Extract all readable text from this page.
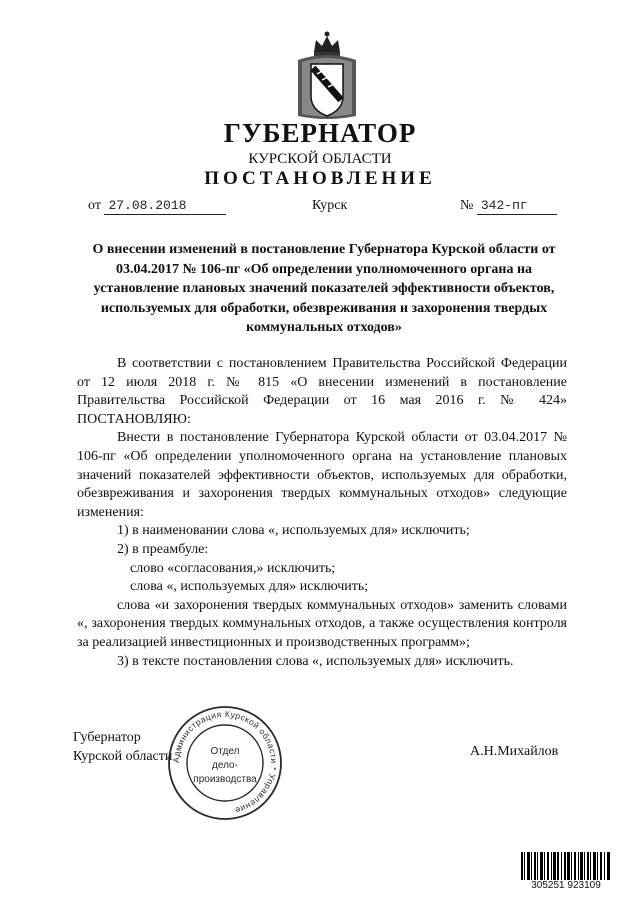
ГУБЕРНАТОР
КУРСКОЙ ОБЛАСТИ
ПОСТАНОВЛЕНИЕ
от 27.08.2018	Курск	№ 342-пг
О внесении изменений в постановление Губернатора Курской области от 03.04.2017 № 106-пг «Об определении уполномоченного органа на установление плановых значений показателей эффективности объектов, используемых для обработки, обезвреживания и захоронения твердых коммунальных отходов»

В соответствии с постановлением Правительства Российской Федерации от 12 июля 2018 г. № 815 «О внесении изменений в постановление Правительства Российской Федерации от 16 мая 2016 г. № 424» ПОСТАНОВЛЯЮ:

Внести в постановление Губернатора Курской области от 03.04.2017 № 106-пг «Об определении уполномоченного органа на установление плановых значений показателей эффективности объектов, используемых для обработки, обезвреживания и захоронения твердых коммунальных отходов» следующие изменения:

1) в наименовании слова «, используемых для» исключить;

2) в преамбуле:

слово «согласования,» исключить;

слова «, используемых для» исключить;

слова «и захоронения твердых коммунальных отходов» заменить словами «, захоронения твердых коммунальных отходов, а также осуществления контроля за реализацией инвестиционных и производственных программ»;

3) в тексте постановления слова «, используемых для» исключить.

Губернатор
Курской области	А.Н.Михайлов
Администрация Курской области * Управление
Отдел
дело-
производства
305251 923109
